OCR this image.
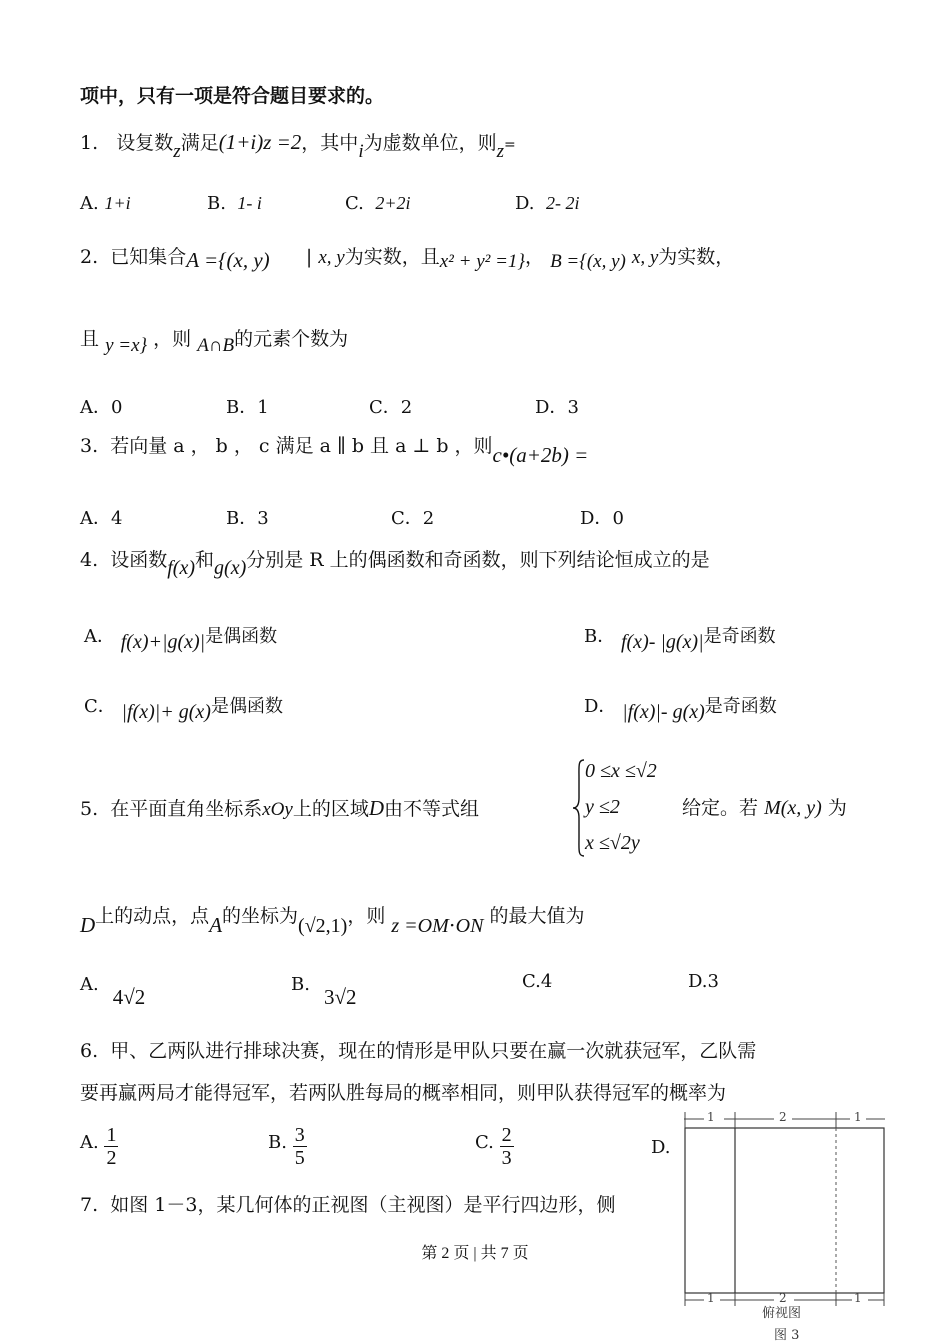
项中，只有一项是符合题目要求的。
1. 设复数z满足(1+i)z =2，其中i为虚数单位，则z=
A. 1+i	B. 1- i	C. 2+2i	D. 2- 2i
2. 已知集合A ={(x, y) | x, y为实数，且x² + y² =1}， B ={(x, y) x, y为实数，
且 y =x} ，则 A∩B的元素个数为
A．0	B．1	C．2	D．3
3. 若向量 a ， b ， c 满足 a ∥ b 且 a ⊥ b ，则c•(a+2b) =
A．4	B．3	C．2	D．0
4. 设函数f(x)和g(x)分别是 R 上的偶函数和奇函数，则下列结论恒成立的是
A． f(x)+|g(x)|是偶函数	B． f(x)- |g(x)|是奇函数
C． |f(x)|+ g(x)是偶函数	D． |f(x)|- g(x)是奇函数
5. 在平面直角坐标系xOy上的区域D由不等式组
0 ≤x ≤√2
y ≤2
x ≤√2y
给定。若 M(x, y) 为
D上的动点，点A的坐标为(√2,1)，则 z =OM⋅ON 的最大值为
A.4√2
B.3√2
C.4	D.3
6. 甲、乙两队进行排球决赛，现在的情形是甲队只要在赢一次就获冠军，乙队需
要再赢两局才能得冠军，若两队胜每局的概率相同，则甲队获得冠军的概率为
A. $\frac{1}{2}$	B. $\frac{3}{5}$	C. $\frac{2}{3}$	D.
7. 如图 1－3，某几何体的正视图（主视图）是平行四边形，侧
第 2 页 | 共 7 页
1	2	1
1	2	1
俯视图
图 3
